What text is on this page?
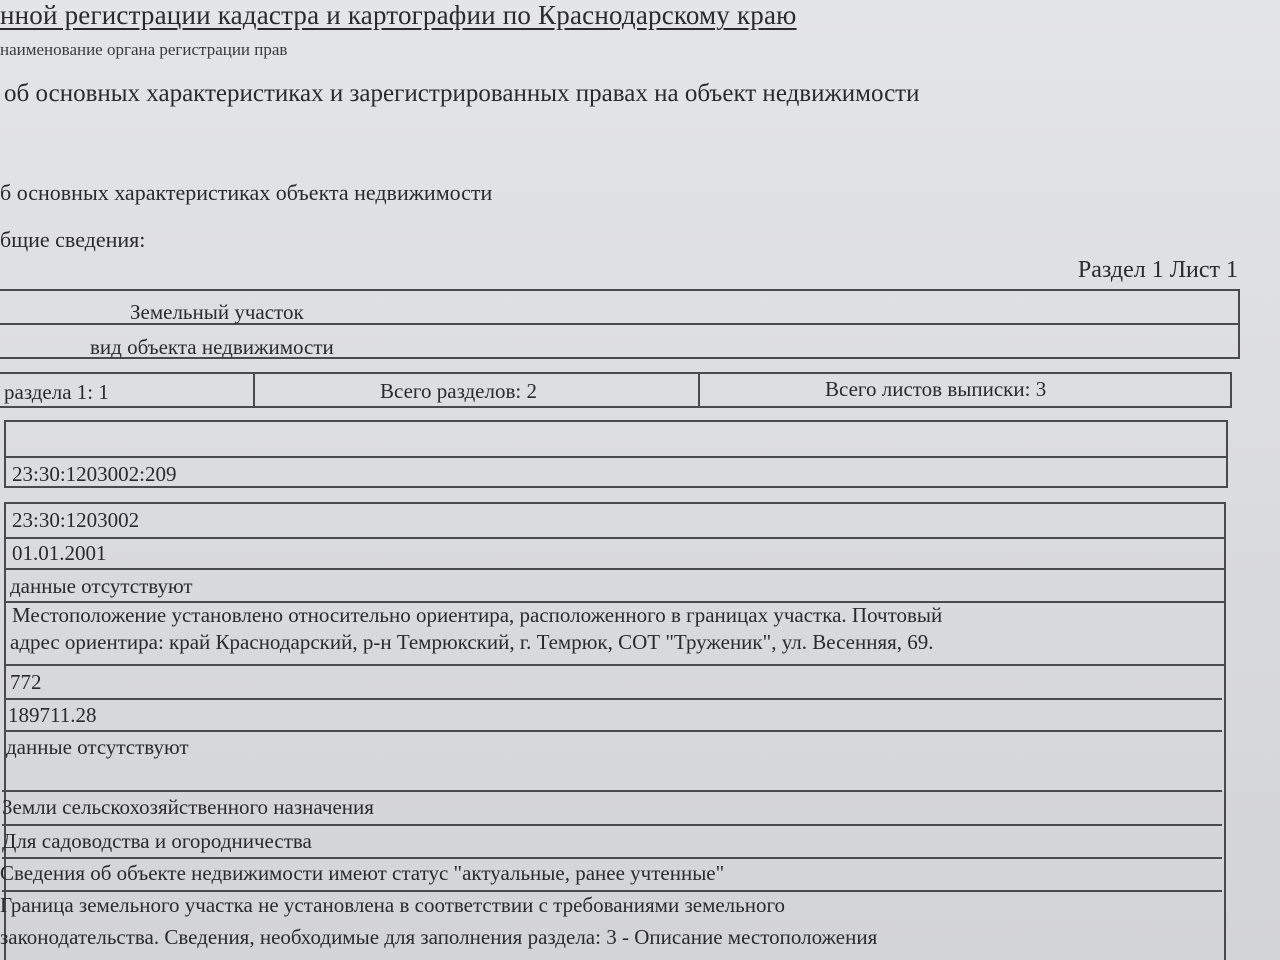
нной регистрации кадастра и картографии по Краснодарскому краю
наименование органа регистрации прав
об основных характеристиках и зарегистрированных правах на объект недвижимости
б основных характеристиках объекта недвижимости
бщие сведения:
Раздел 1 Лист 1
Земельный участок
вид объекта недвижимости
раздела 1: 1	Всего разделов: 2	Всего листов выписки: 3
23:30:1203002:209
23:30:1203002
01.01.2001
данные отсутствуют
Местоположение установлено относительно ориентира, расположенного в границах участка. Почтовый
адрес ориентира: край Краснодарский, р-н Темрюкский, г. Темрюк, СОТ "Труженик", ул. Весенняя, 69.
772
189711.28
данные отсутствуют
Земли сельскохозяйственного назначения
Для садоводства и огородничества
Сведения об объекте недвижимости имеют статус "актуальные, ранее учтенные"
Граница земельного участка не установлена в соответствии с требованиями земельного
законодательства. Сведения, необходимые для заполнения раздела: 3 - Описание местоположения
